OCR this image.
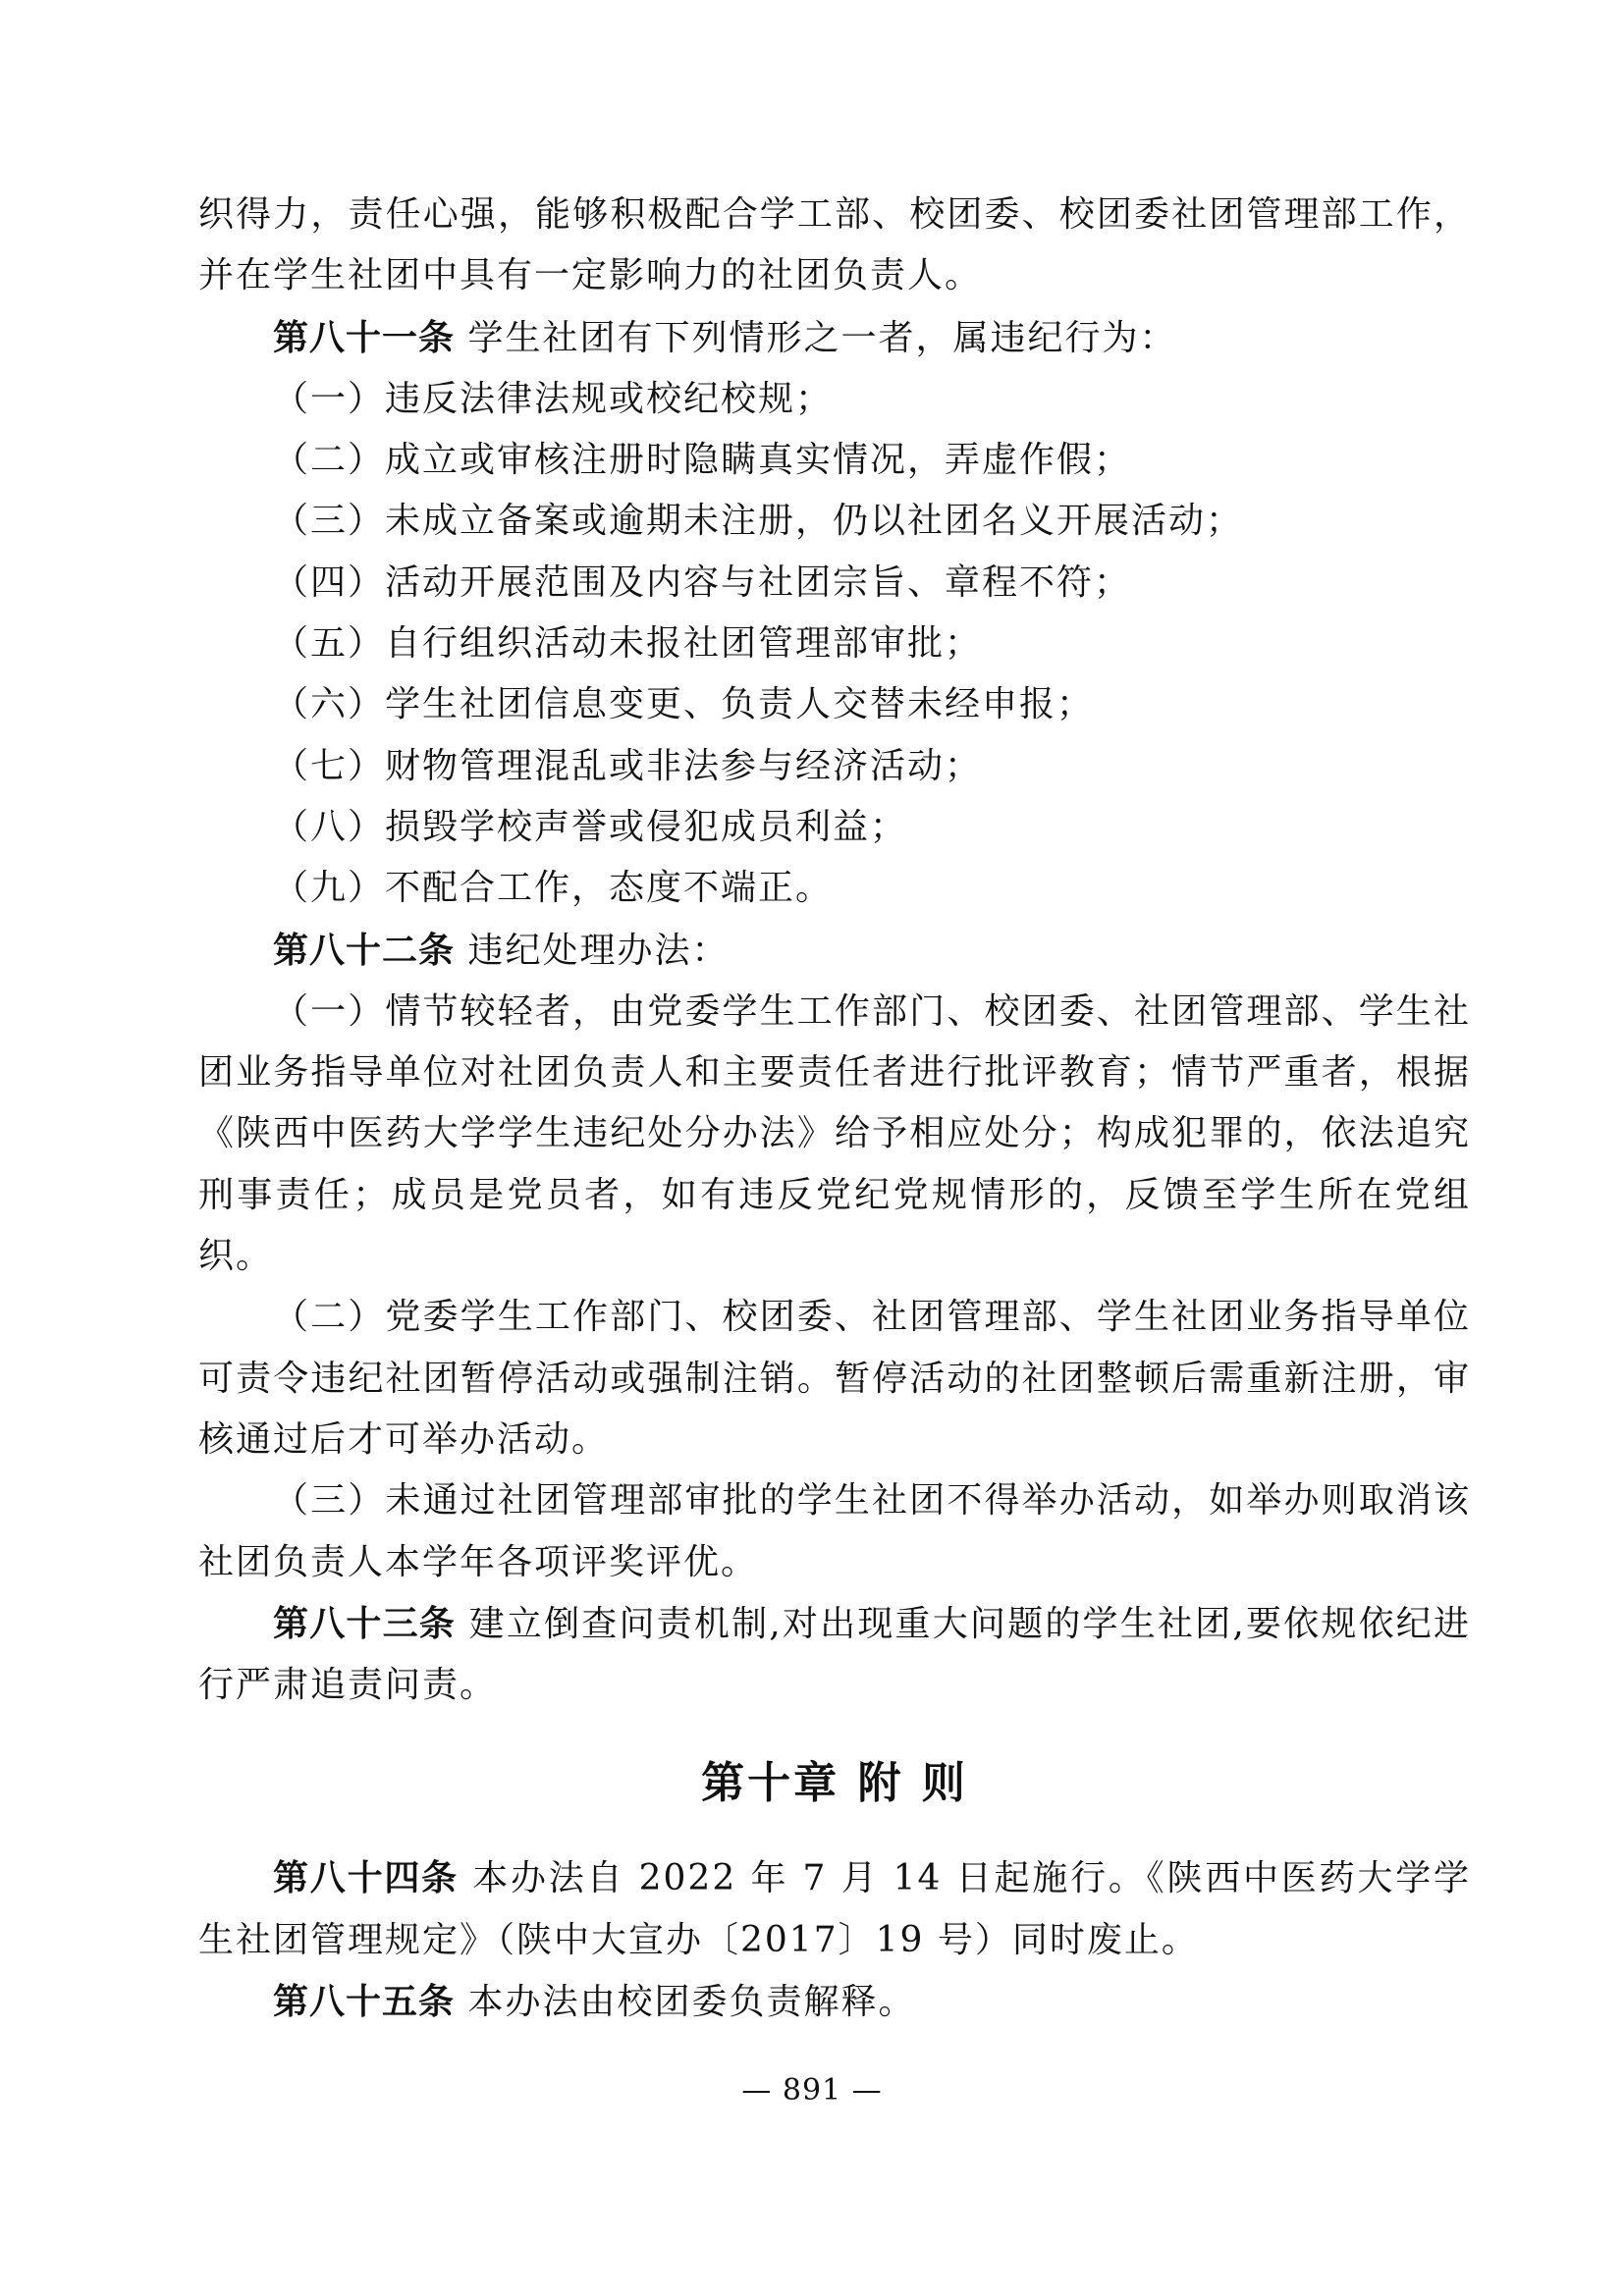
织得力，责任心强，能够积极配合学工部、校团委、校团委社团管理部工作，并在学生社团中具有一定影响力的社团负责人。

第八十一条 学生社团有下列情形之一者，属违纪行为：

（一）违反法律法规或校纪校规；

（二）成立或审核注册时隐瞒真实情况，弄虚作假；

（三）未成立备案或逾期未注册，仍以社团名义开展活动；

（四）活动开展范围及内容与社团宗旨、章程不符；

（五）自行组织活动未报社团管理部审批；

（六）学生社团信息变更、负责人交替未经申报；

（七）财物管理混乱或非法参与经济活动；

（八）损毁学校声誉或侵犯成员利益；

（九）不配合工作，态度不端正。

第八十二条 违纪处理办法：

（一）情节较轻者，由党委学生工作部门、校团委、社团管理部、学生社团业务指导单位对社团负责人和主要责任者进行批评教育；情节严重者，根据《陕西中医药大学学生违纪处分办法》给予相应处分；构成犯罪的，依法追究刑事责任；成员是党员者，如有违反党纪党规情形的，反馈至学生所在党组织。

（二）党委学生工作部门、校团委、社团管理部、学生社团业务指导单位可责令违纪社团暂停活动或强制注销。暂停活动的社团整顿后需重新注册，审核通过后才可举办活动。

（三）未通过社团管理部审批的学生社团不得举办活动，如举办则取消该社团负责人本学年各项评奖评优。

第八十三条 建立倒查问责机制,对出现重大问题的学生社团,要依规依纪进行严肃追责问责。

第十章 附 则

第八十四条 本办法自 2022 年 7 月 14 日起施行。《陕西中医药大学学生社团管理规定》（陕中大宣办〔2017〕19 号）同时废止。

第八十五条 本办法由校团委负责解释。

— 891 —
